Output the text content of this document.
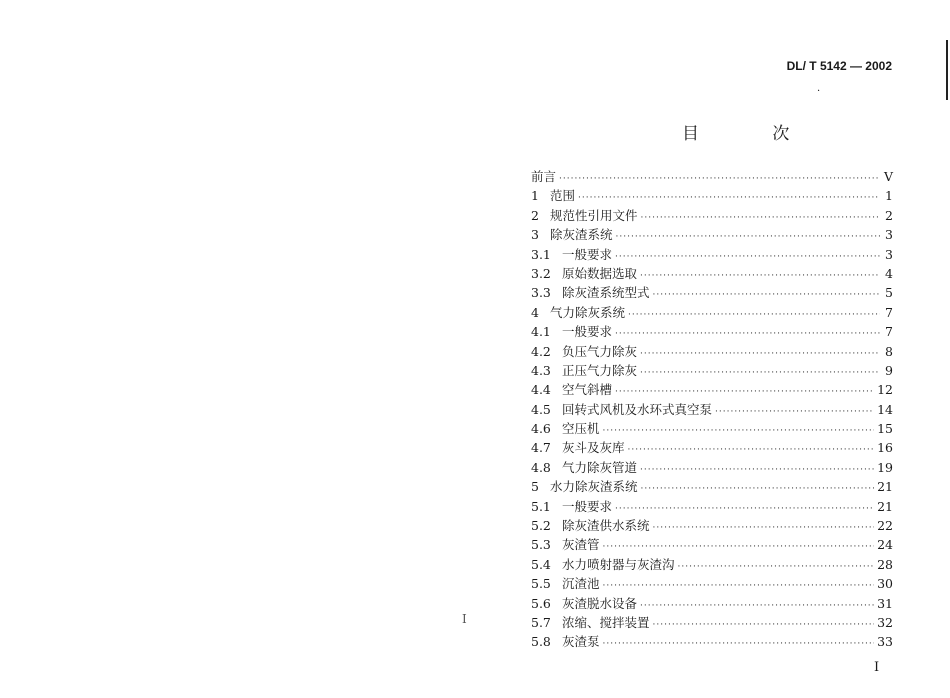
I
DL/ T 5142 — 2002
·
目 次
前言 ·····	V
1 范围 ·····	1
2 规范性引用文件 ·····	2
3 除灰渣系统 ·····	3
3.1 一般要求 ·····	3
3.2 原始数据选取 ·····	4
3.3 除灰渣系统型式 ·····	5
4 气力除灰系统 ·····	7
4.1 一般要求 ·····	7
4.2 负压气力除灰 ·····	8
4.3 正压气力除灰 ·····	9
4.4 空气斜槽 ·····	12
4.5 回转式风机及水环式真空泵 ·····	14
4.6 空压机 ·····	15
4.7 灰斗及灰库 ·····	16
4.8 气力除灰管道 ·····	19
5 水力除灰渣系统 ·····	21
5.1 一般要求 ·····	21
5.2 除灰渣供水系统 ·····	22
5.3 灰渣管 ·····	24
5.4 水力喷射器与灰渣沟 ·····	28
5.5 沉渣池 ·····	30
5.6 灰渣脱水设备 ·····	31
5.7 浓缩、搅拌装置 ·····	32
5.8 灰渣泵 ·····	33
I
